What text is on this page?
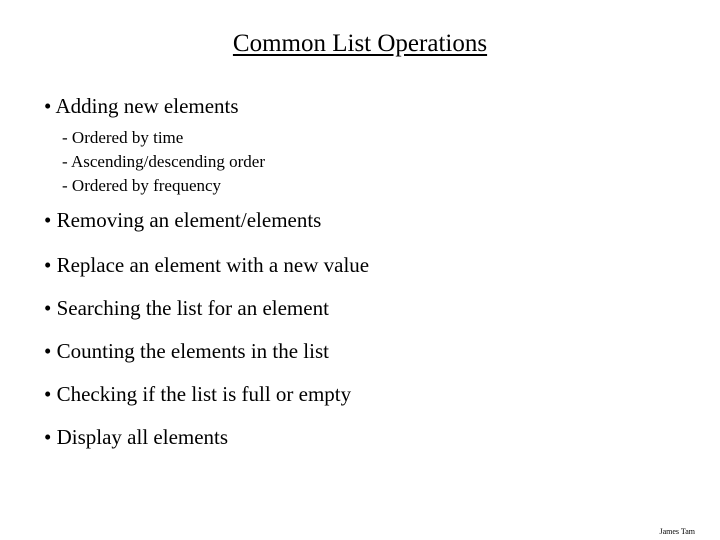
Common List Operations
• Adding new elements
- Ordered by time
- Ascending/descending order
- Ordered by frequency
• Removing an element/elements
• Replace an element with a new value
• Searching the list for an element
• Counting the elements in the list
• Checking if the list is full or empty
• Display all elements
James Tam
